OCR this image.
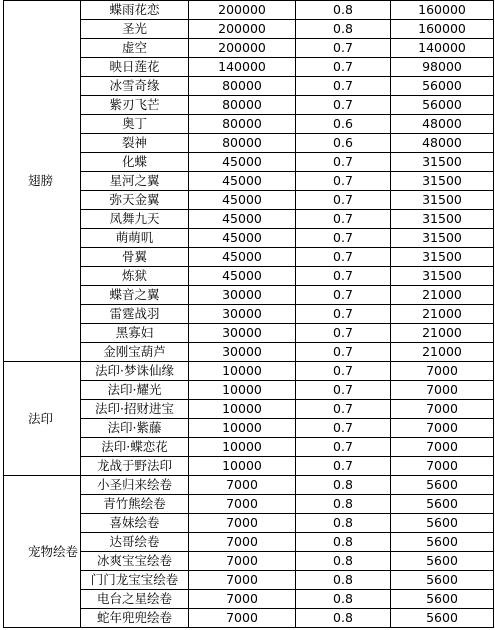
翅膀	蝶雨花恋	200000	0.8	160000
	圣光	200000	0.8	160000
	虚空	200000	0.7	140000
	映日莲花	140000	0.7	98000
	冰雪奇缘	80000	0.7	56000
	紫刃飞芒	80000	0.7	56000
	奥丁	80000	0.6	48000
	裂神	80000	0.6	48000
	化蝶	45000	0.7	31500
	星河之翼	45000	0.7	31500
	弥天金翼	45000	0.7	31500
	凤舞九天	45000	0.7	31500
	萌萌叽	45000	0.7	31500
	骨翼	45000	0.7	31500
	炼狱	45000	0.7	31500
	蝶音之翼	30000	0.7	21000
	雷霆战羽	30000	0.7	21000
	黑寡妇	30000	0.7	21000
	金刚宝葫芦	30000	0.7	21000
法印	法印·梦诛仙缘	10000	0.7	7000
	法印·耀光	10000	0.7	7000
	法印·招财进宝	10000	0.7	7000
	法印·紫藤	10000	0.7	7000
	法印·蝶恋花	10000	0.7	7000
	龙战于野法印	10000	0.7	7000
宠物绘卷	小圣归来绘卷	7000	0.8	5600
	青竹熊绘卷	7000	0.8	5600
	喜妹绘卷	7000	0.8	5600
	达哥绘卷	7000	0.8	5600
	冰爽宝宝绘卷	7000	0.8	5600
	门门龙宝宝绘卷	7000	0.8	5600
	电台之星绘卷	7000	0.8	5600
	蛇年兜兜绘卷	7000	0.8	5600
